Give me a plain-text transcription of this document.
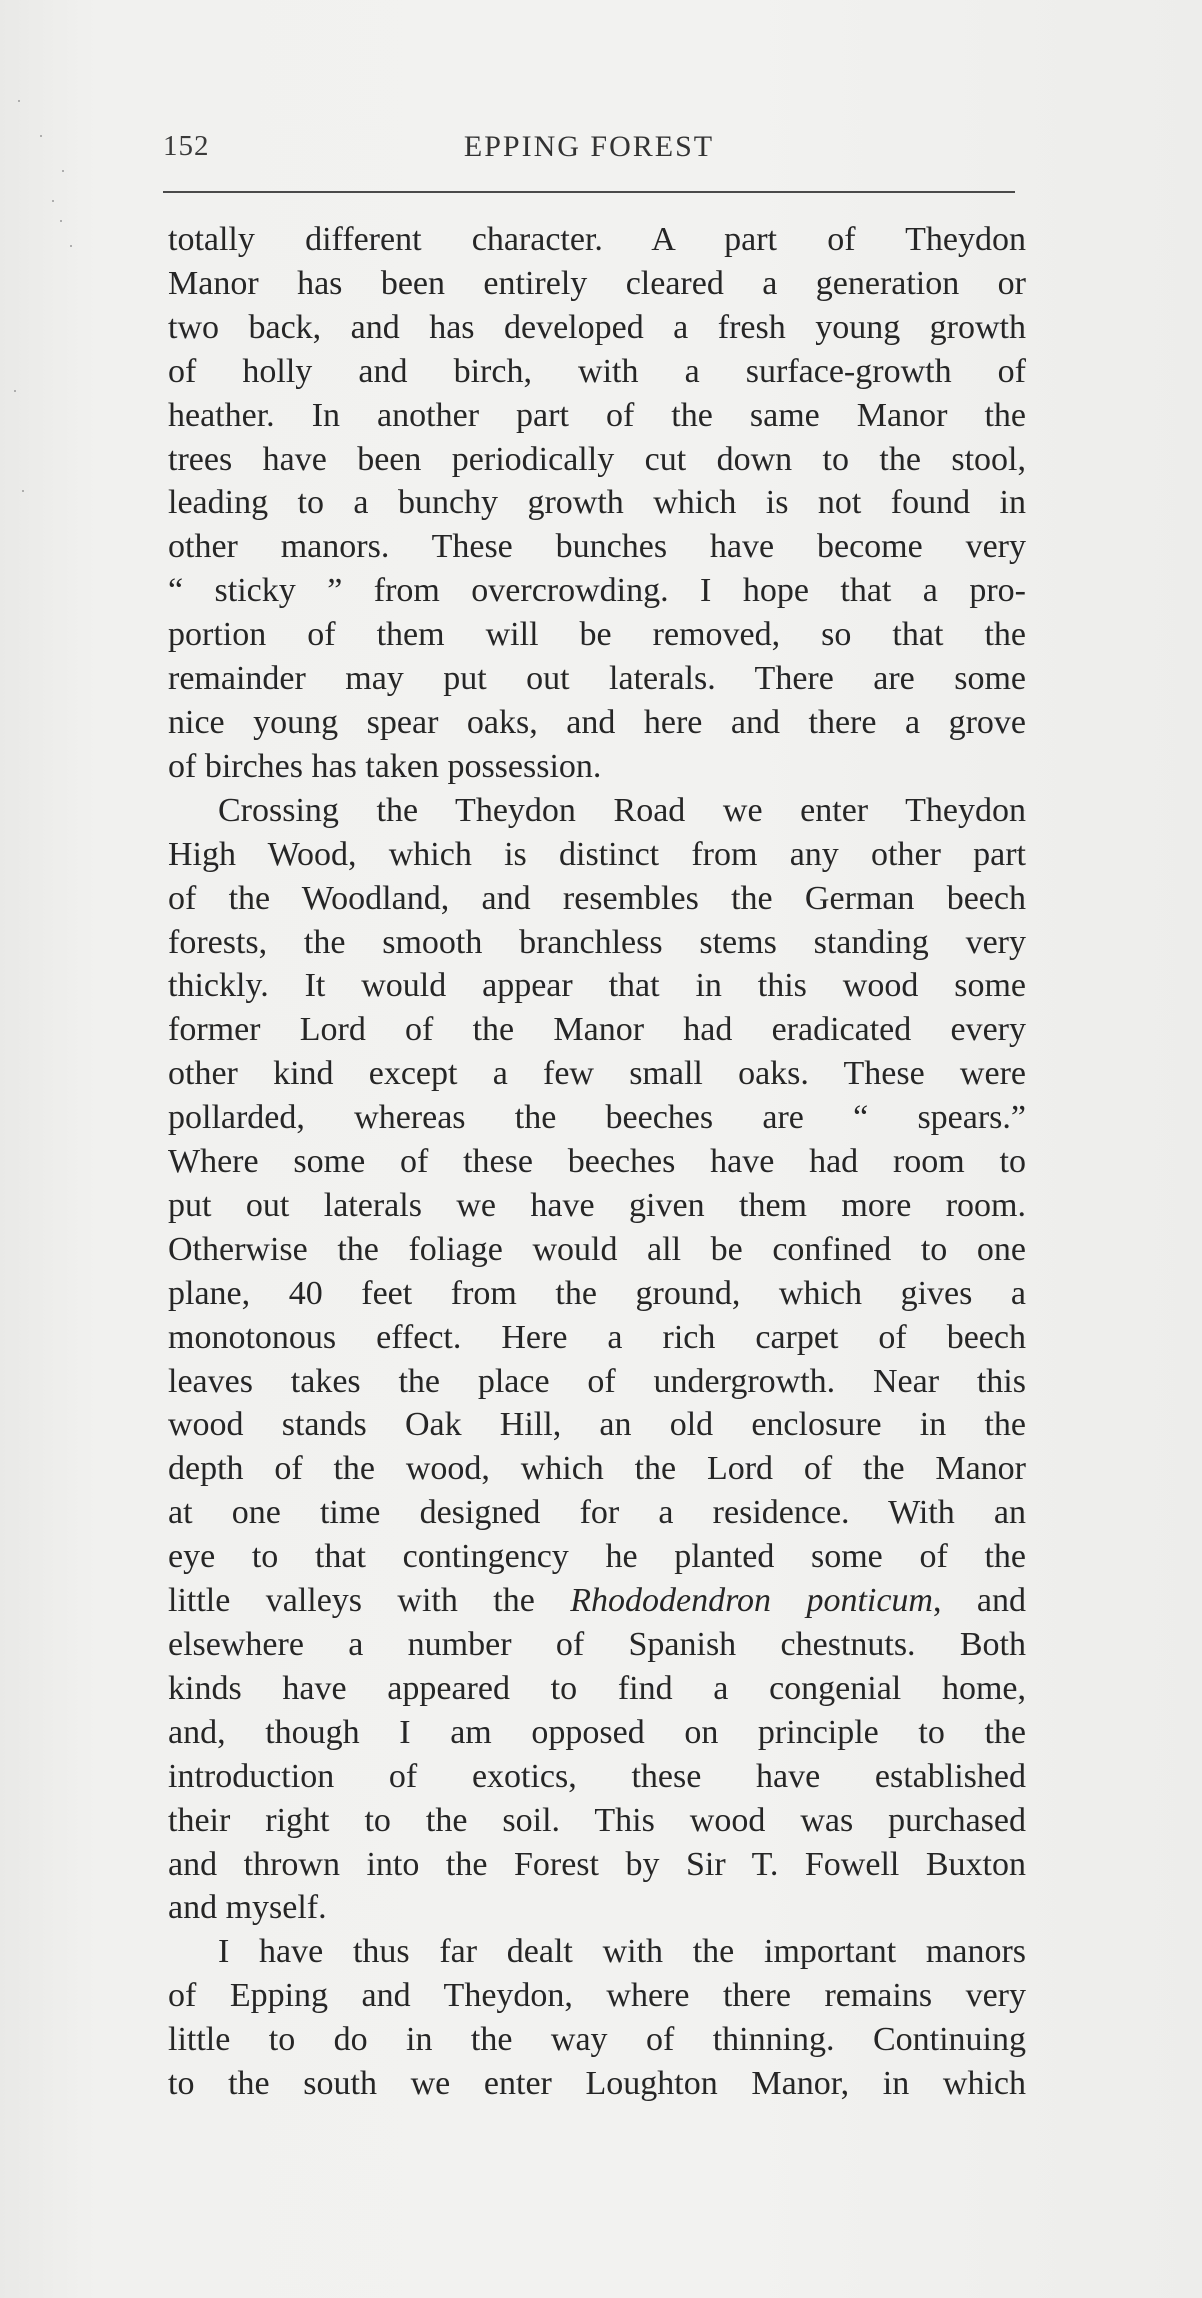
152	EPPING FOREST

totally different character. A part of Theydon
Manor has been entirely cleared a generation or
two back, and has developed a fresh young growth
of holly and birch, with a surface-growth of
heather. In another part of the same Manor the
trees have been periodically cut down to the stool,
leading to a bunchy growth which is not found in
other manors. These bunches have become very
“ sticky ” from overcrowding. I hope that a pro-
portion of them will be removed, so that the
remainder may put out laterals. There are some
nice young spear oaks, and here and there a grove
of birches has taken possession.

Crossing the Theydon Road we enter Theydon
High Wood, which is distinct from any other part
of the Woodland, and resembles the German beech
forests, the smooth branchless stems standing very
thickly. It would appear that in this wood some
former Lord of the Manor had eradicated every
other kind except a few small oaks. These were
pollarded, whereas the beeches are “ spears.”
Where some of these beeches have had room to
put out laterals we have given them more room.
Otherwise the foliage would all be confined to one
plane, 40 feet from the ground, which gives a
monotonous effect. Here a rich carpet of beech
leaves takes the place of undergrowth. Near this
wood stands Oak Hill, an old enclosure in the
depth of the wood, which the Lord of the Manor
at one time designed for a residence. With an
eye to that contingency he planted some of the
little valleys with the Rhododendron ponticum, and
elsewhere a number of Spanish chestnuts. Both
kinds have appeared to find a congenial home,
and, though I am opposed on principle to the
introduction of exotics, these have established
their right to the soil. This wood was purchased
and thrown into the Forest by Sir T. Fowell Buxton
and myself.

I have thus far dealt with the important manors
of Epping and Theydon, where there remains very
little to do in the way of thinning. Continuing
to the south we enter Loughton Manor, in which
